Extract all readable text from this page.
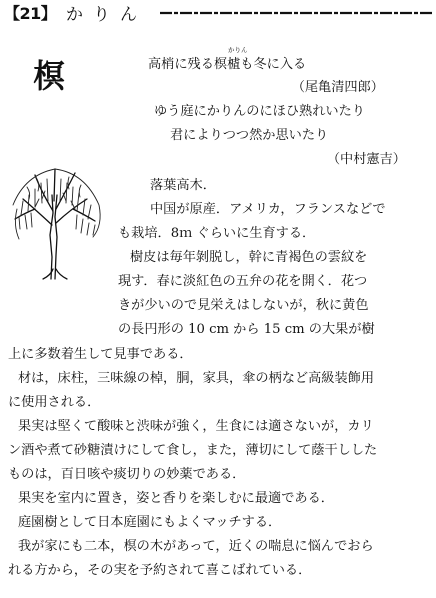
【21】 かりん
榠
かりん
高梢に残る榠樝も冬に入る
（尾亀清四郎）
ゆう庭にかりんのにほひ熟れいたり
君によりつつ然か思いたり
（中村憲吉）
落葉高木．
中国が原産．アメリカ，フランスなどで
も栽培．8ｍ ぐらいに生育する．
樹皮は毎年剝脱し，幹に青褐色の雲紋を
現す．春に淡紅色の五弁の花を開く．花つ
きが少いので見栄えはしないが，秋に黄色
の長円形の 10 cm から 15 cm の大果が樹
上に多数着生して見事である．
材は，床柱，三味線の棹，胴，家具，傘の柄など高級装飾用
に使用される．
果実は堅くて酸味と渋味が強く，生食には適さないが，カリ
ン酒や煮て砂糖漬けにして食し，また，薄切にして蔭干しした
ものは，百日咳や痰切りの妙薬である．
果実を室内に置き，姿と香りを楽しむに最適である．
庭園樹として日本庭園にもよくマッチする．
我が家にも二本，榠の木があって，近くの喘息に悩んでおら
れる方から，その実を予約されて喜こばれている．
